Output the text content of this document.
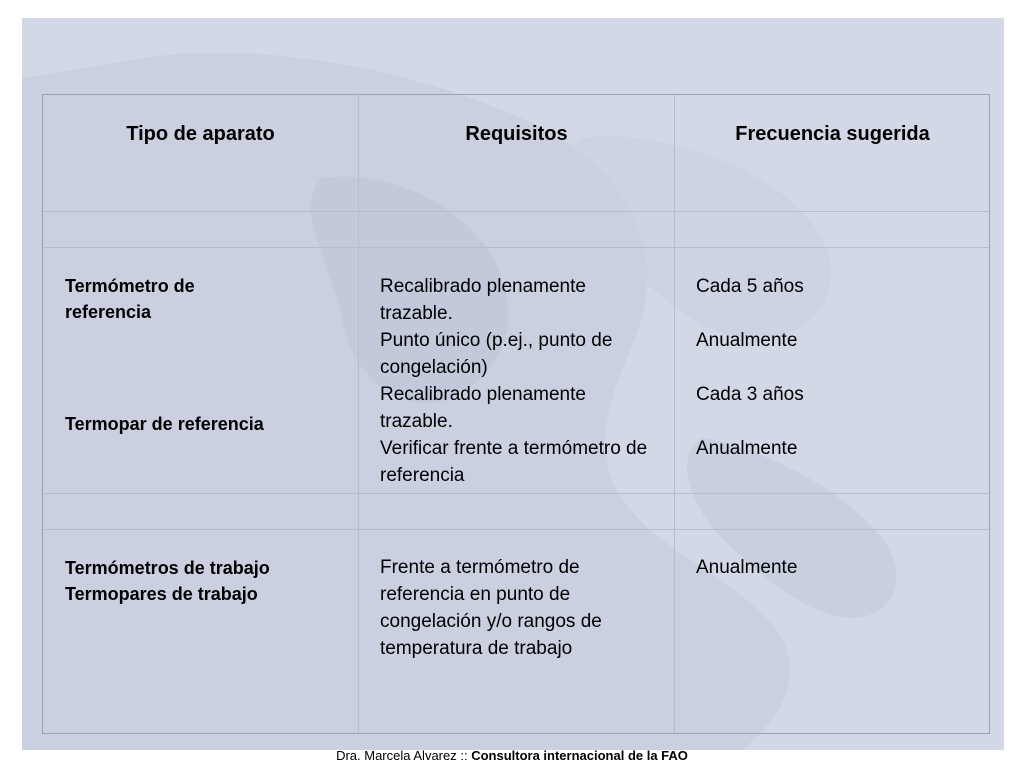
Tipo de aparato	Requisitos	Frecuencia sugerida
Termómetro de referencia
Termopar de referencia
Recalibrado plenamente trazable.
Punto único (p.ej., punto de congelación)
Recalibrado plenamente trazable.
Verificar frente a termómetro de referencia
Cada 5 años
Anualmente
Cada 3 años
Anualmente
Termómetros de trabajo
Termopares de trabajo
Frente a termómetro de referencia en punto de congelación y/o rangos de temperatura de trabajo
Anualmente
Dra. Marcela Alvarez :: Consultora internacional de la FAO
